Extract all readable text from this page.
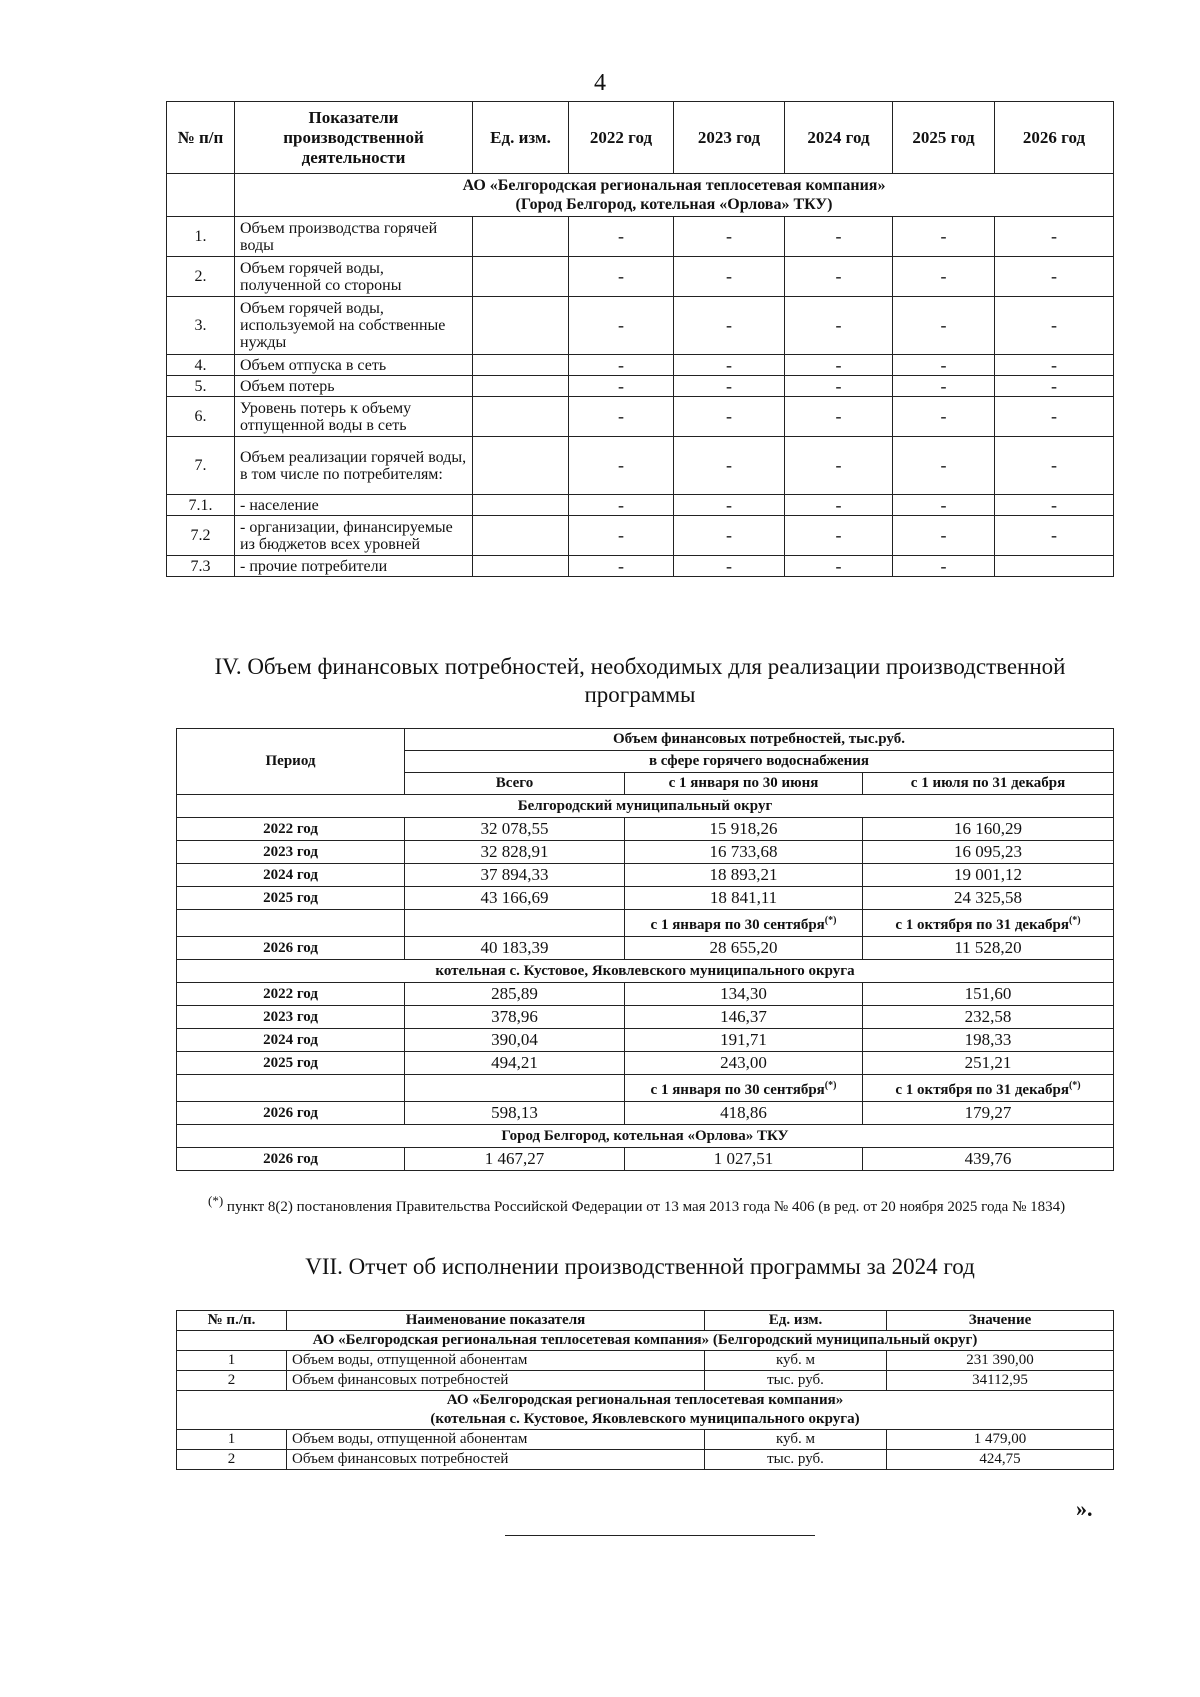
4
№ п/п	Показатели производственной деятельности	Ед. изм.	2022 год	2023 год	2024 год	2025 год	2026 год	

	АО «Белгородская региональная теплосетевая компания»
(Город Белгород, котельная «Орлова» ТКУ)							

1.	Объем производства горячей воды		-	-	-	-	-	
2.	Объем горячей воды, полученной со стороны		-	-	-	-	-	
3.	Объем горячей воды, используемой на собственные нужды		-	-	-	-	-	
4.	Объем отпуска в сеть		-	-	-	-	-	
5.	Объем потерь		-	-	-	-	-	
6.	Уровень потерь к объему отпущенной воды в сеть		-	-	-	-	-	
7.	Объем реализации горячей воды, в том числе по потребителям:		-	-	-	-	-	
7.1.	- население		-	-	-	-	-	
7.2	- организации, финансируемые из бюджетов всех уровней		-	-	-	-	-	
7.3	- прочие потребители		-	-	-	-		
IV. Объем финансовых потребностей, необходимых для реализации производственной
программы
Период	Объем финансовых потребностей, тыс.руб.		
	в сфере горячего водоснабжения		
	Всего	с 1 января по 30 июня	с 1 июля по 31 декабря
Белгородский муниципальный округ			
2022 год	32 078,55	15 918,26	16 160,29
2023 год	32 828,91	16 733,68	16 095,23
2024 год	37 894,33	18 893,21	19 001,12
2025 год	43 166,69	18 841,11	24 325,58
		с 1 января по 30 сентября(*)	с 1 октября по 31 декабря(*)
2026 год	40 183,39	28 655,20	11 528,20
котельная с. Кустовое, Яковлевского муниципального округа			
2022 год	285,89	134,30	151,60
2023 год	378,96	146,37	232,58
2024 год	390,04	191,71	198,33
2025 год	494,21	243,00	251,21
		с 1 января по 30 сентября(*)	с 1 октября по 31 декабря(*)
2026 год	598,13	418,86	179,27
Город Белгород, котельная «Орлова» ТКУ			
2026 год	1 467,27	1 027,51	439,76
(*) пункт 8(2) постановления Правительства Российской Федерации от 13 мая 2013 года № 406 (в ред. от 20 ноября 2025 года № 1834)
VII. Отчет об исполнении производственной программы за 2024 год
№ п./п.	Наименование показателя	Ед. изм.	Значение
АО «Белгородская региональная теплосетевая компания» (Белгородский муниципальный округ)			
1	Объем воды, отпущенной абонентам	куб. м	231 390,00
2	Объем финансовых потребностей	тыс. руб.	34112,95

АО «Белгородская региональная теплосетевая компания»
(котельная с. Кустовое, Яковлевского муниципального округа)			

1	Объем воды, отпущенной абонентам	куб. м	1 479,00
2	Объем финансовых потребностей	тыс. руб.	424,75
».
